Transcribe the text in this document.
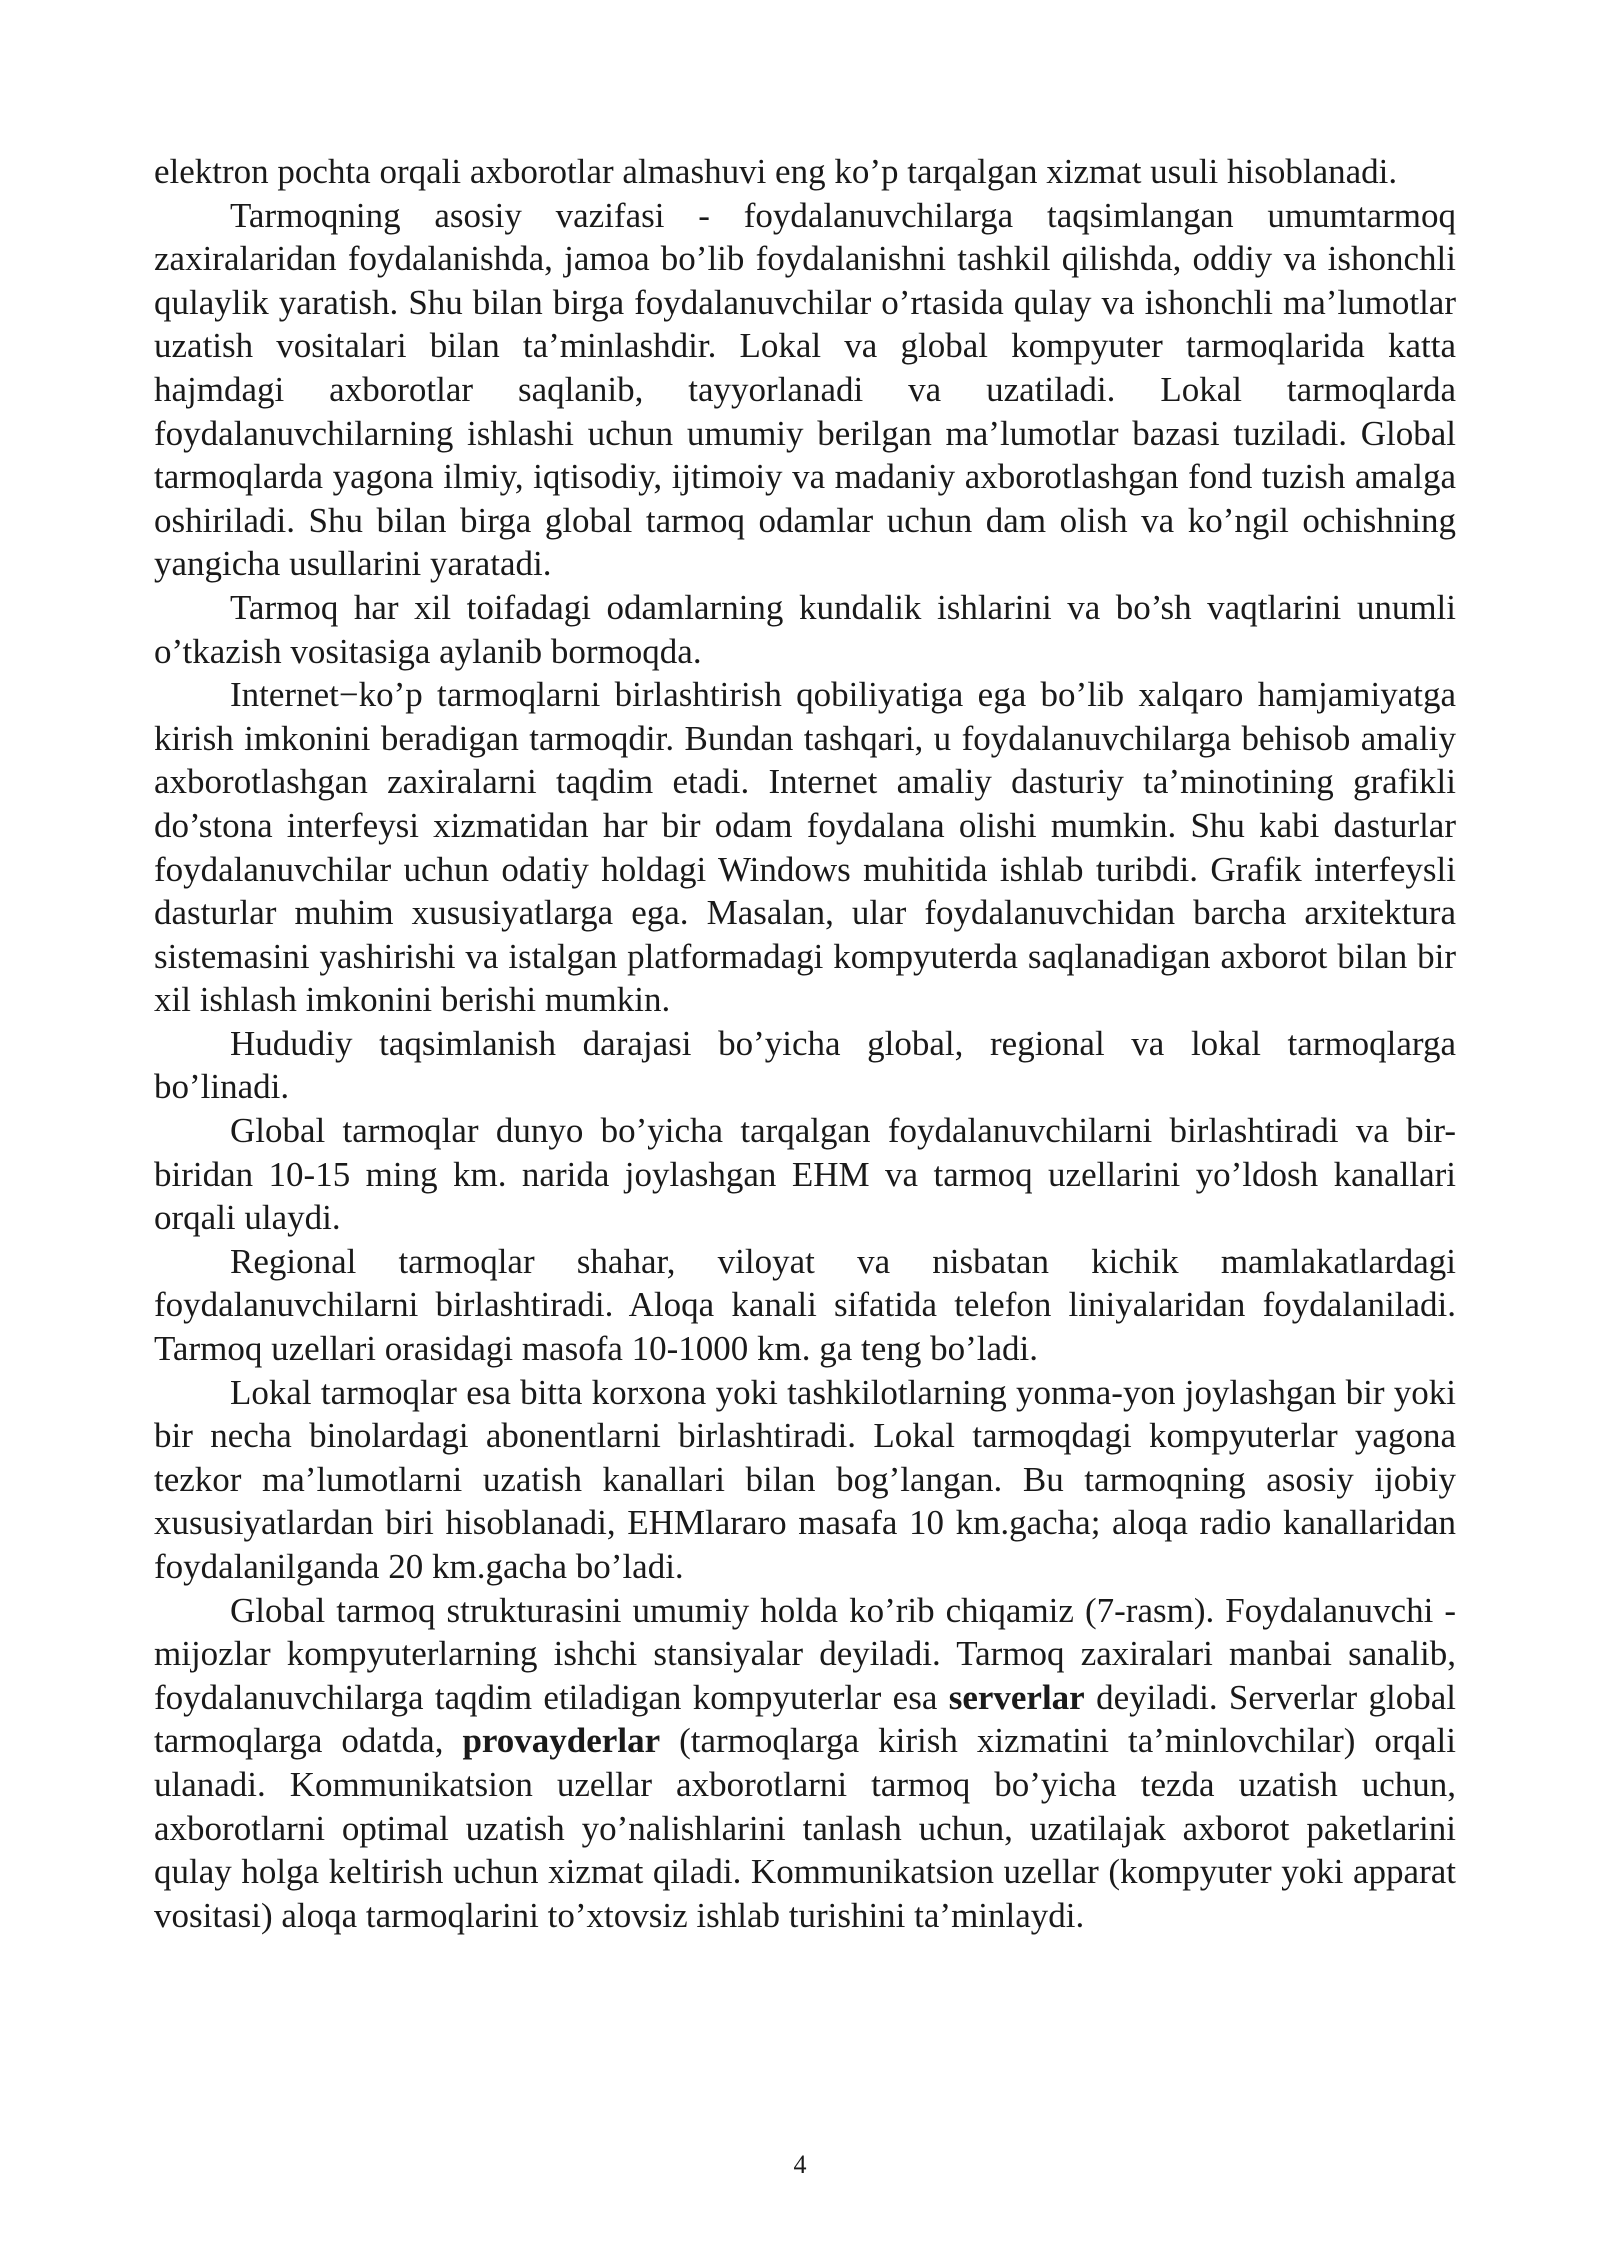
elektron pochta orqali axborotlar almashuvi eng ko’p tarqalgan xizmat usuli hisoblanadi.

Tarmoqning asosiy vazifasi - foydalanuvchilarga taqsimlangan umumtarmoq zaxiralaridan foydalanishda, jamoa bo’lib foydalanishni tashkil qilishda, oddiy va ishonchli qulaylik yaratish. Shu bilan birga foydalanuvchilar o’rtasida qulay va ishonchli ma’lumotlar uzatish vositalari bilan ta’minlashdir. Lokal va global kompyuter tarmoqlarida katta hajmdagi axborotlar saqlanib, tayyorlanadi va uzatiladi. Lokal tarmoqlarda foydalanuvchilarning ishlashi uchun umumiy berilgan ma’lumotlar bazasi tuziladi. Global tarmoqlarda yagona ilmiy, iqtisodiy, ijtimoiy va madaniy axborotlashgan fond tuzish amalga oshiriladi. Shu bilan birga global tarmoq odamlar uchun dam olish va ko’ngil ochishning yangicha usullarini yaratadi.

Tarmoq har xil toifadagi odamlarning kundalik ishlarini va bo’sh vaqtlarini unumli o’tkazish vositasiga aylanib bormoqda.

Internet−ko’p tarmoqlarni birlashtirish qobiliyatiga ega bo’lib xalqaro hamjamiyatga kirish imkonini beradigan tarmoqdir. Bundan tashqari, u foydalanuvchilarga behisob amaliy axborotlashgan zaxiralarni taqdim etadi. Internet amaliy dasturiy ta’minotining grafikli do’stona interfeysi xizmatidan har bir odam foydalana olishi mumkin. Shu kabi dasturlar foydalanuvchilar uchun odatiy holdagi Windows muhitida ishlab turibdi. Grafik interfeysli dasturlar muhim xususiyatlarga ega. Masalan, ular foydalanuvchidan barcha arxitektura sistemasini yashirishi va istalgan platformadagi kompyuterda saqlanadigan axborot bilan bir xil ishlash imkonini berishi mumkin.

Hududiy taqsimlanish darajasi bo’yicha global, regional va lokal tarmoqlarga bo’linadi.

Global tarmoqlar dunyo bo’yicha tarqalgan foydalanuvchilarni birlashtiradi va bir-biridan 10-15 ming km. narida joylashgan EHM va tarmoq uzellarini yo’ldosh kanallari orqali ulaydi.

Regional tarmoqlar shahar, viloyat va nisbatan kichik mamlakatlardagi foydalanuvchilarni birlashtiradi. Aloqa kanali sifatida telefon liniyalaridan foydalaniladi. Tarmoq uzellari orasidagi masofa 10-1000 km. ga teng bo’ladi.

Lokal tarmoqlar esa bitta korxona yoki tashkilotlarning yonma-yon joylashgan bir yoki bir necha binolardagi abonentlarni birlashtiradi. Lokal tarmoqdagi kompyuterlar yagona tezkor ma’lumotlarni uzatish kanallari bilan bog’langan. Bu tarmoqning asosiy ijobiy xususiyatlardan biri hisoblanadi, EHMlararo masafa 10 km.gacha; aloqa radio kanallaridan foydalanilganda 20 km.gacha bo’ladi.

Global tarmoq strukturasini umumiy holda ko’rib chiqamiz (7-rasm). Foydalanuvchi - mijozlar kompyuterlarning ishchi stansiyalar deyiladi. Tarmoq zaxiralari manbai sanalib, foydalanuvchilarga taqdim etiladigan kompyuterlar esa serverlar deyiladi. Serverlar global tarmoqlarga odatda, provayderlar (tarmoqlarga kirish xizmatini ta’minlovchilar) orqali ulanadi. Kommunikatsion uzellar axborotlarni tarmoq bo’yicha tezda uzatish uchun, axborotlarni optimal uzatish yo’nalishlarini tanlash uchun, uzatilajak axborot paketlarini qulay holga keltirish uchun xizmat qiladi. Kommunikatsion uzellar (kompyuter yoki apparat vositasi) aloqa tarmoqlarini to’xtovsiz ishlab turishini ta’minlaydi.

4
